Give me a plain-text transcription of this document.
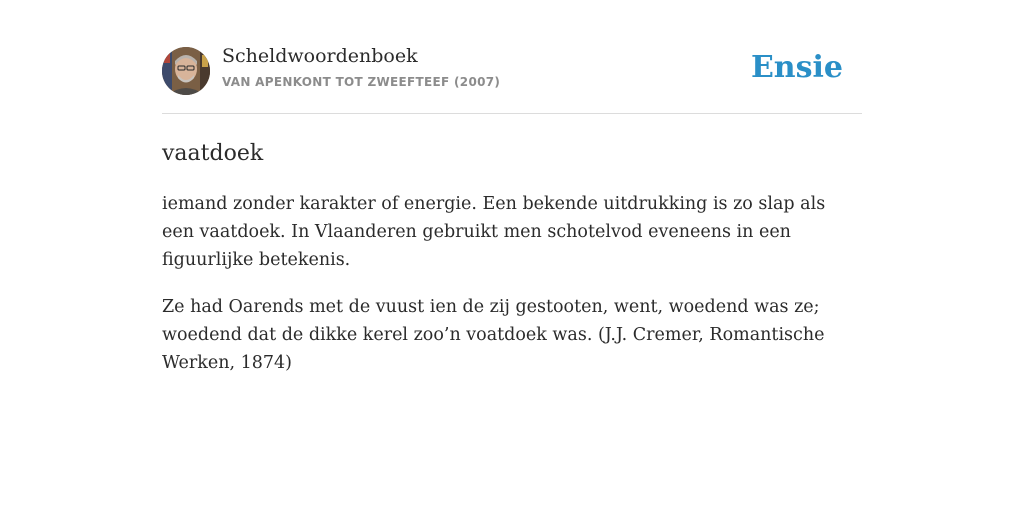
Scheldwoordenboek
VAN APENKONT TOT ZWEEFTEEF (2007)	Ensie
vaatdoek

iemand zonder karakter of energie. Een bekende uitdrukking is zo slap als een vaatdoek. In Vlaanderen gebruikt men schotelvod eveneens in een figuurlijke betekenis.

Ze had Oarends met de vuust ien de zij gestooten, went, woedend was ze; woedend dat de dikke kerel zoo’n voatdoek was. (J.J. Cremer, Romantische Werken, 1874)
